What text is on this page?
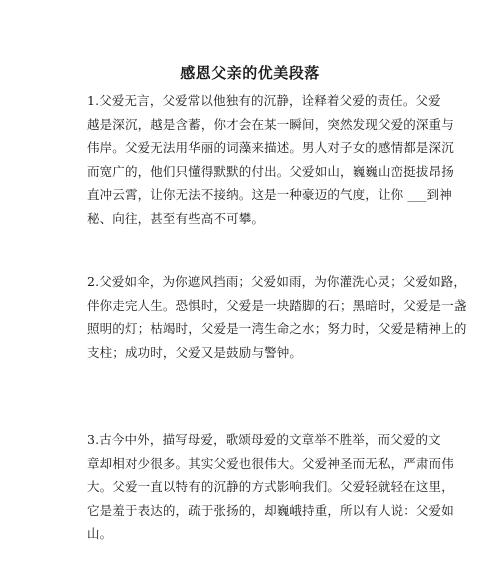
感恩父亲的优美段落
1.父爱无言，父爱常以他独有的沉静，诠释着父爱的责任。父爱
越是深沉，越是含蓄，你才会在某一瞬间，突然发现父爱的深重与
伟岸。父爱无法用华丽的词藻来描述。男人对子女的感情都是深沉
而宽广的，他们只懂得默默的付出。父爱如山，巍巍山峦挺拔昂扬
直冲云霄，让你无法不接纳。这是一种豪迈的气度，让你 ___到神
秘、向往，甚至有些高不可攀。
2.父爱如伞，为你遮风挡雨；父爱如雨，为你灌洗心灵；父爱如路，
伴你走完人生。恐惧时，父爱是一块踏脚的石；黑暗时，父爱是一盏
照明的灯；枯竭时，父爱是一湾生命之水；努力时，父爱是精神上的
支柱；成功时，父爱又是鼓励与警钟。
3.古今中外，描写母爱，歌颂母爱的文章举不胜举，而父爱的文
章却相对少很多。其实父爱也很伟大。父爱神圣而无私，严肃而伟
大。父爱一直以特有的沉静的方式影响我们。父爱轻就轻在这里，
它是羞于表达的，疏于张扬的，却巍峨持重，所以有人说：父爱如
山。
